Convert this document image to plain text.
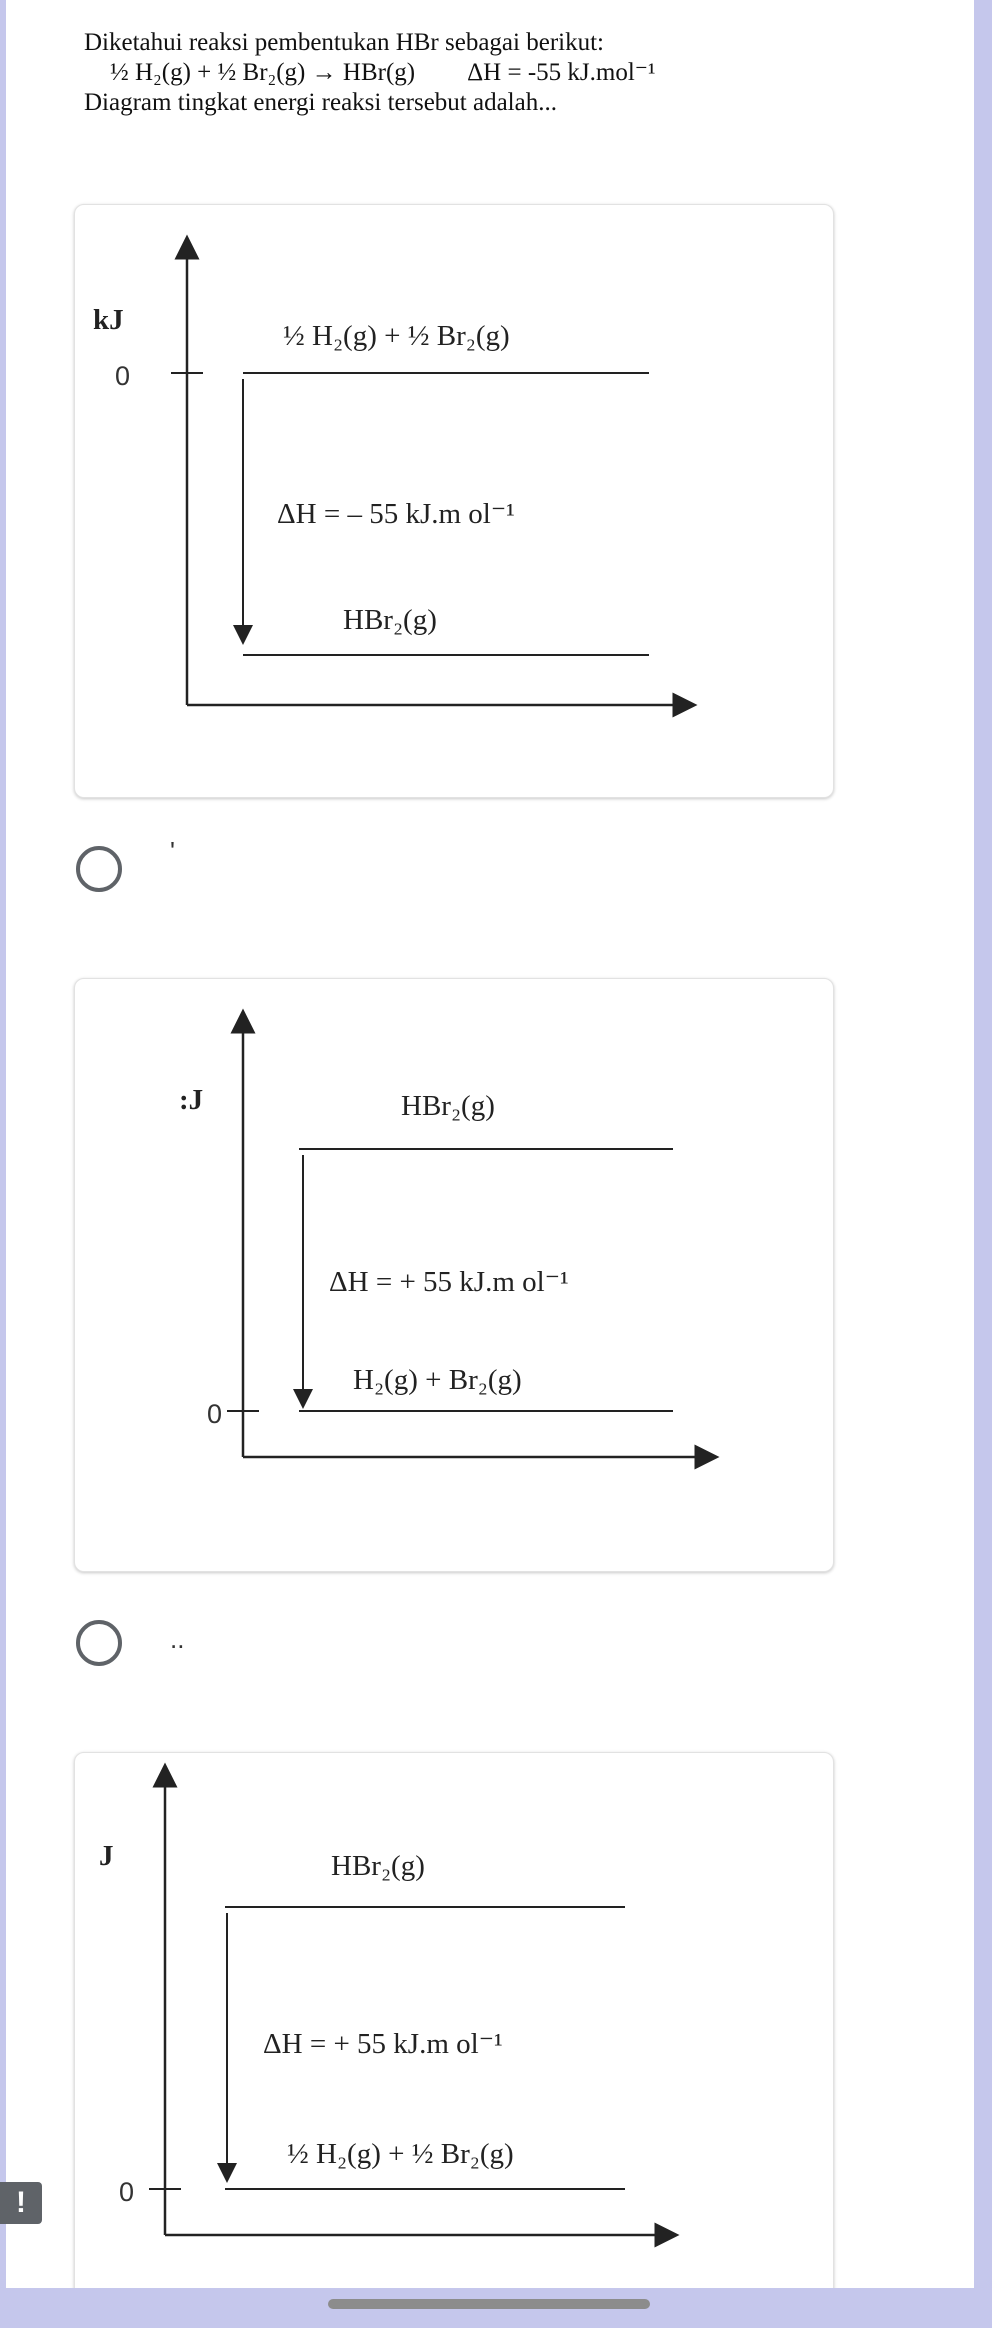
Diketahui reaksi pembentukan HBr sebagai berikut:
½ H₂(g) + ½ Br₂(g) → HBr(g) ΔH = -55 kJ.mol⁻¹
Diagram tingkat energi reaksi tersebut adalah...
kJ
0
½ H₂(g) + ½ Br₂(g)
ΔH = – 55 kJ.m ol⁻¹
HBr₂(g)
'
:J
0
HBr₂(g)
ΔH = + 55 kJ.m ol⁻¹
H₂(g) + Br₂(g)
..
J
0
HBr₂(g)
ΔH = + 55 kJ.m ol⁻¹
½ H₂(g) + ½ Br₂(g)
!
